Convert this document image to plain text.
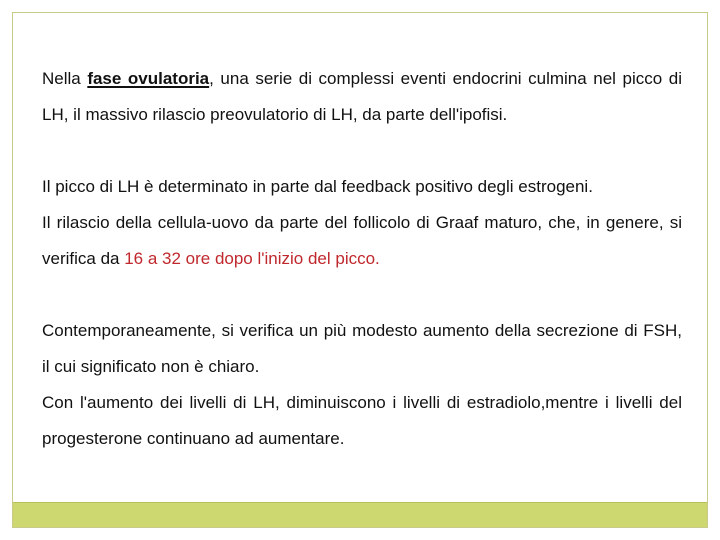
Nella fase ovulatoria, una serie di complessi eventi endocrini culmina nel picco di LH, il massivo rilascio preovulatorio di LH, da parte dell'ipofisi.

Il picco di LH è determinato in parte dal feedback positivo degli estrogeni.

Il rilascio della cellula-uovo da parte del follicolo di Graaf maturo, che, in genere, si verifica da 16 a 32 ore dopo l'inizio del picco.

Contemporaneamente, si verifica un più modesto aumento della secrezione di FSH, il cui significato non è chiaro.

Con l'aumento dei livelli di LH, diminuiscono i livelli di estradiolo,mentre i livelli del progesterone continuano ad aumentare.
